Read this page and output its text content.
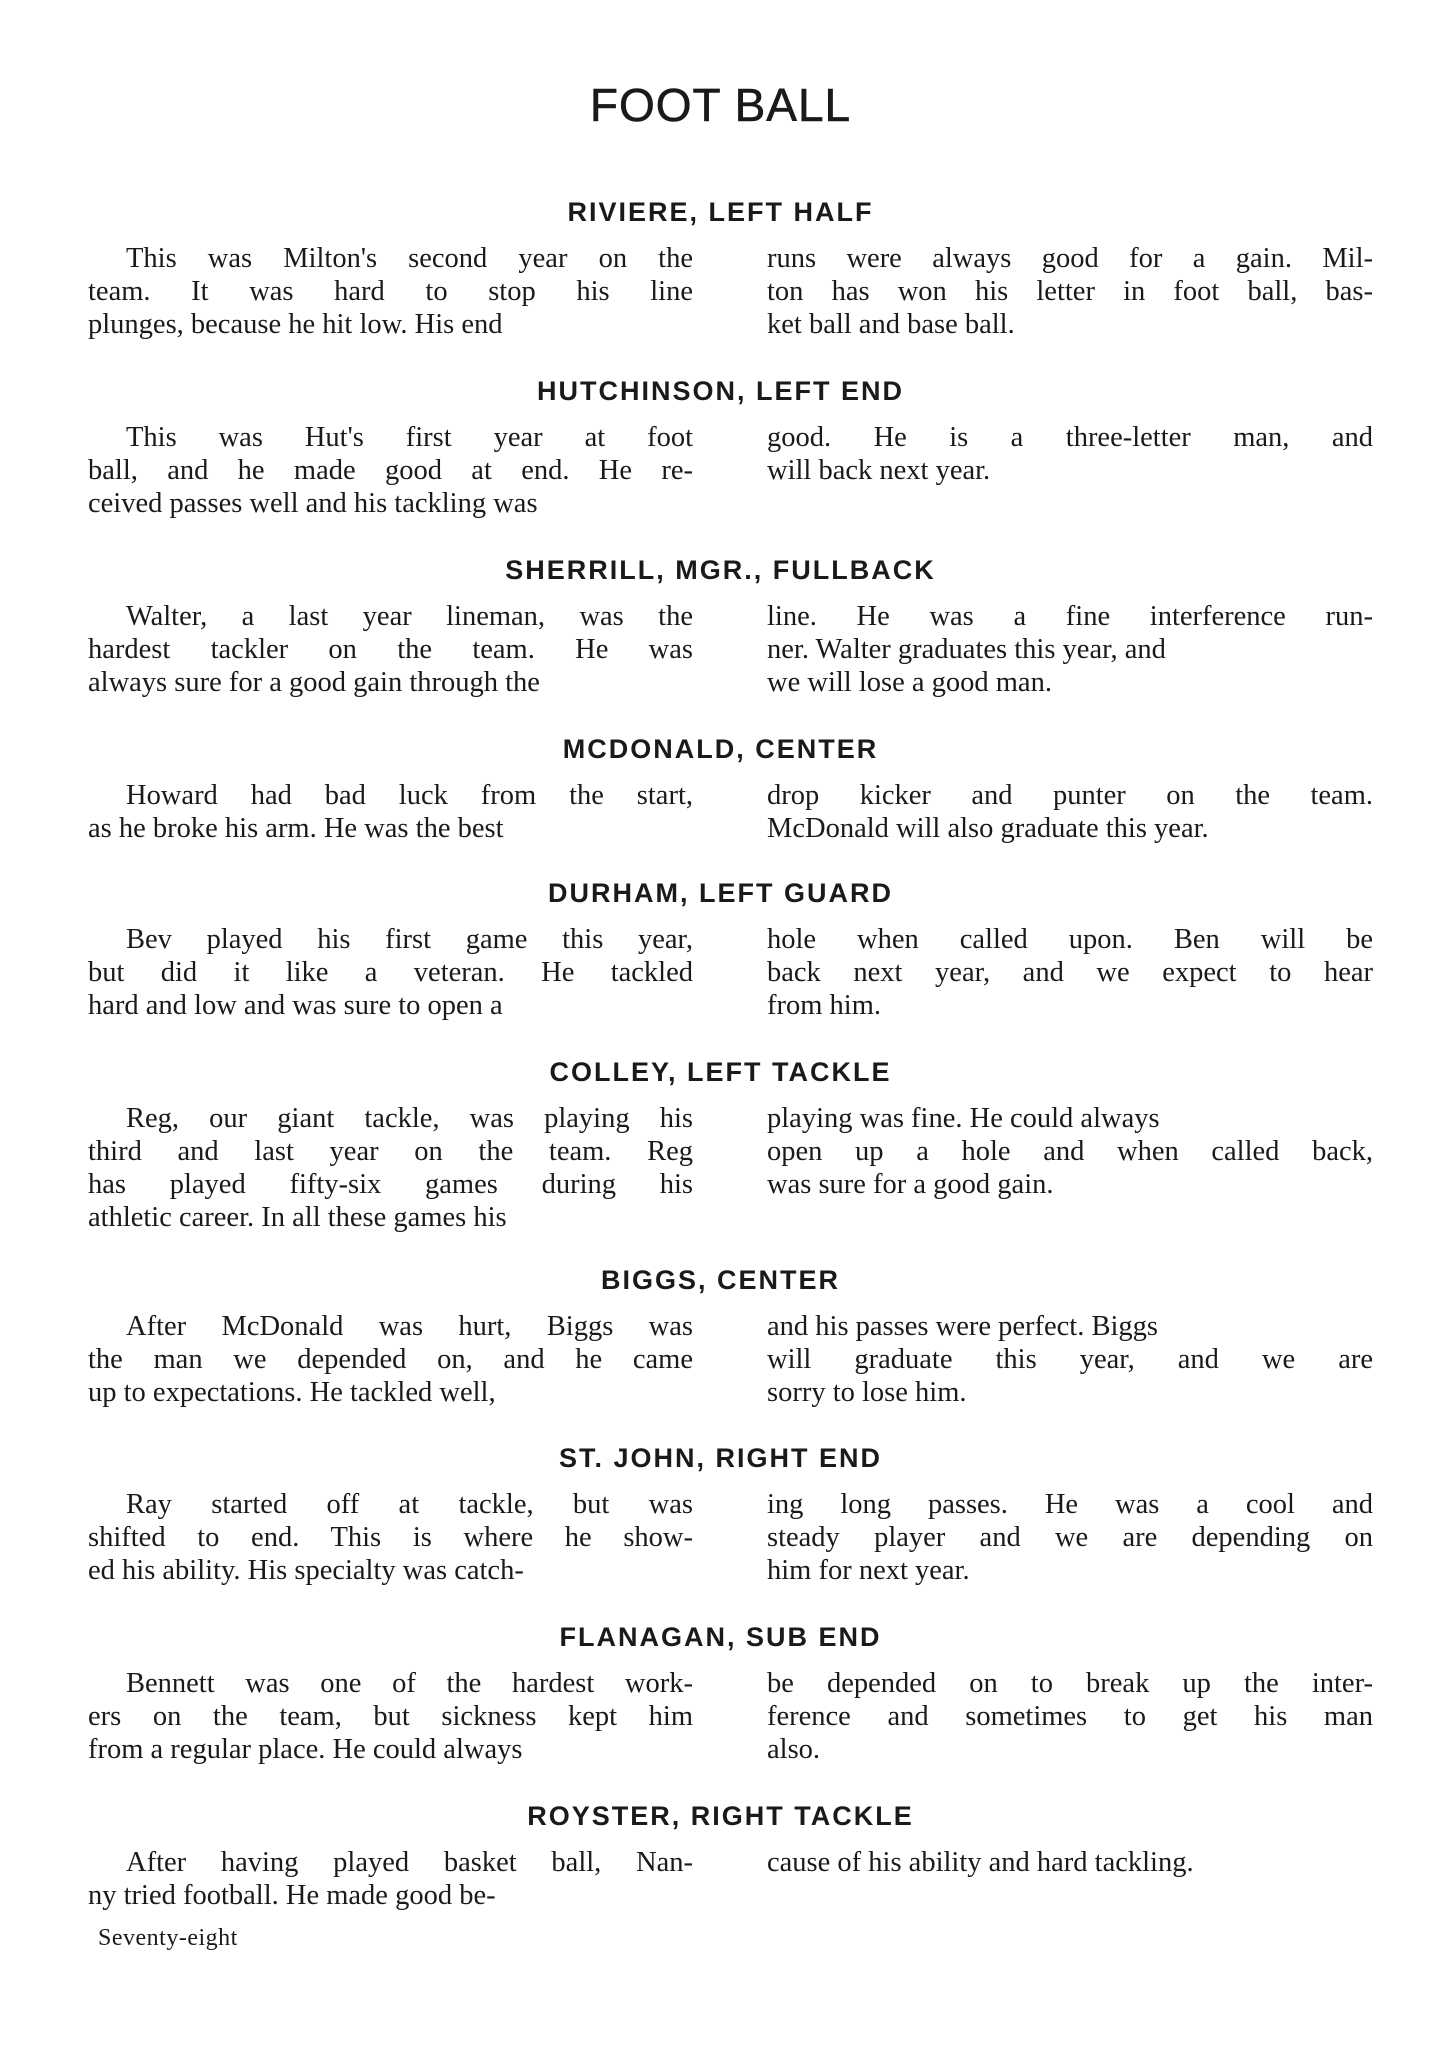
FOOT BALL
RIVIERE, LEFT HALF
This was Milton's second year on the
team. It was hard to stop his line
plunges, because he hit low. His end
runs were always good for a gain. Mil-
ton has won his letter in foot ball, bas-
ket ball and base ball.
HUTCHINSON, LEFT END
This was Hut's first year at foot
ball, and he made good at end. He re-
ceived passes well and his tackling was
good. He is a three-letter man, and
will back next year.
SHERRILL, MGR., FULLBACK
Walter, a last year lineman, was the
hardest tackler on the team. He was
always sure for a good gain through the
line. He was a fine interference run-
ner. Walter graduates this year, and
we will lose a good man.
MCDONALD, CENTER
Howard had bad luck from the start,
as he broke his arm. He was the best
drop kicker and punter on the team.
McDonald will also graduate this year.
DURHAM, LEFT GUARD
Bev played his first game this year,
but did it like a veteran. He tackled
hard and low and was sure to open a
hole when called upon. Ben will be
back next year, and we expect to hear
from him.
COLLEY, LEFT TACKLE
Reg, our giant tackle, was playing his
third and last year on the team. Reg
has played fifty-six games during his
athletic career. In all these games his
playing was fine. He could always
open up a hole and when called back,
was sure for a good gain.
BIGGS, CENTER
After McDonald was hurt, Biggs was
the man we depended on, and he came
up to expectations. He tackled well,
and his passes were perfect. Biggs
will graduate this year, and we are
sorry to lose him.
ST. JOHN, RIGHT END
Ray started off at tackle, but was
shifted to end. This is where he show-
ed his ability. His specialty was catch-
ing long passes. He was a cool and
steady player and we are depending on
him for next year.
FLANAGAN, SUB END
Bennett was one of the hardest work-
ers on the team, but sickness kept him
from a regular place. He could always
be depended on to break up the inter-
ference and sometimes to get his man
also.
ROYSTER, RIGHT TACKLE
After having played basket ball, Nan-
ny tried football. He made good be-
cause of his ability and hard tackling.
Seventy-eight
